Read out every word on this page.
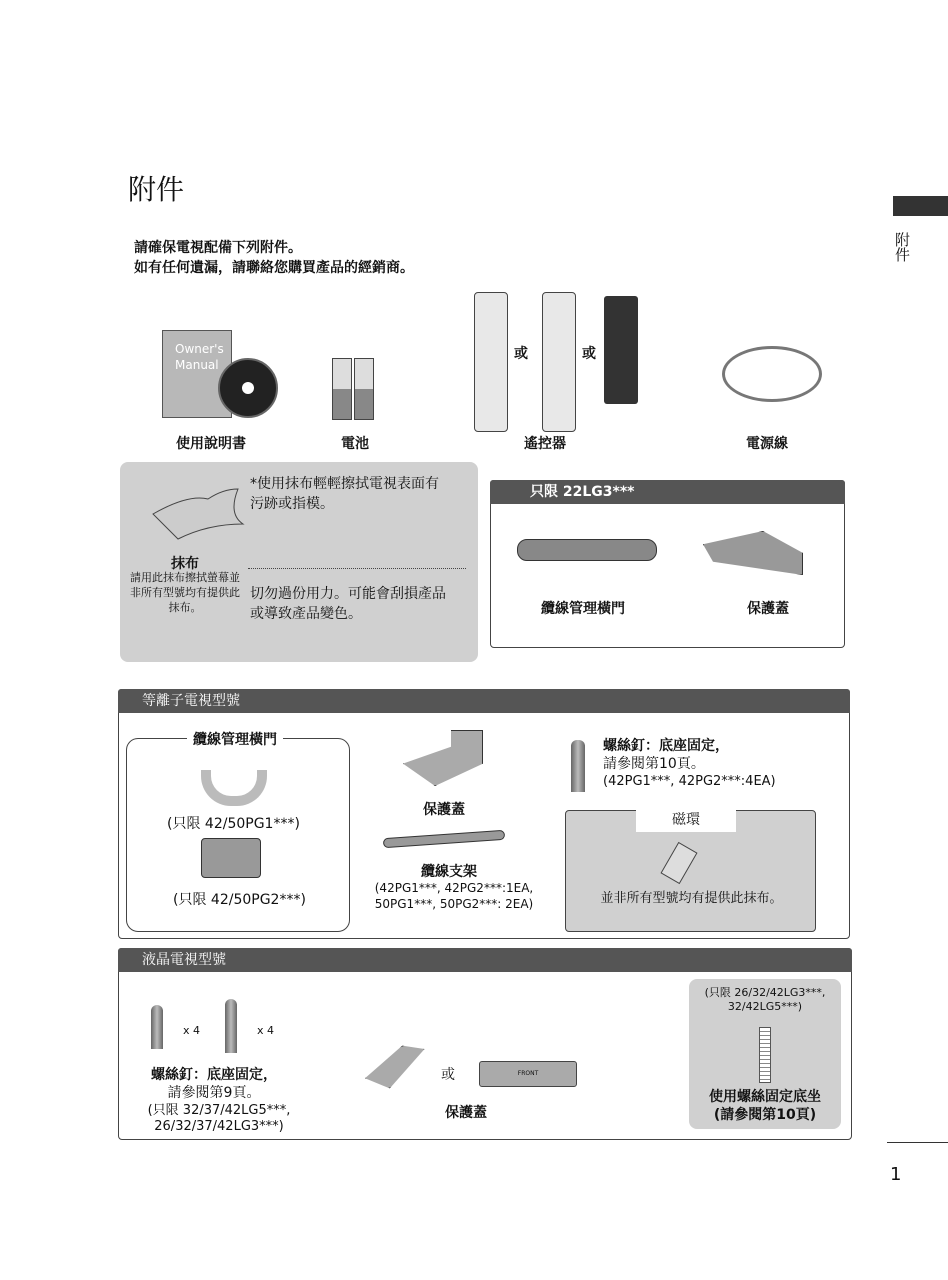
附件
附件
請確保電視配備下列附件。
如有任何遺漏，請聯絡您購買產品的經銷商。
Owner's Manual
使用說明書	電池
或	或
遙控器	電源線
*使用抹布輕輕擦拭電視表面有污跡或指模。
抹布
請用此抹布擦拭螢幕並非所有型號均有提供此抹布。
切勿過份用力。可能會刮損產品或導致產品變色。
只限 22LG3***
纜線管理橫門	保護蓋
等離子電視型號
纜線管理橫門
(只限 42/50PG1***)
(只限 42/50PG2***)
保護蓋
纜線支架
(42PG1***, 42PG2***:1EA,
50PG1***, 50PG2***: 2EA)
螺絲釘：底座固定，
請參閱第10頁。
(42PG1***, 42PG2***:4EA)
磁環
並非所有型號均有提供此抹布。
液晶電視型號
x 4	x 4
螺絲釘：底座固定，
請參閱第9頁。
(只限 32/37/42LG5***,
26/32/37/42LG3***)
或	FRONT
保護蓋
(只限 26/32/42LG3***,
32/42LG5***)
使用螺絲固定底坐
(請參閱第10頁)
1
